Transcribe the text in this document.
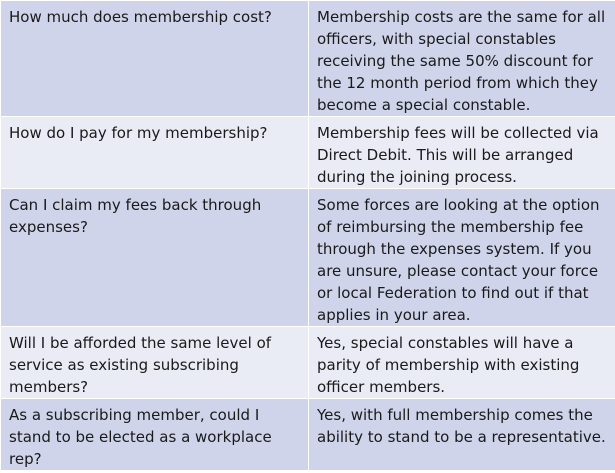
How much does membership cost?	Membership costs are the same for all officers, with special constables receiving the same 50% discount for the 12 month period from which they become a special constable.
How do I pay for my membership?	Membership fees will be collected via Direct Debit. This will be arranged during the joining process.
Can I claim my fees back through expenses?	Some forces are looking at the option of reimbursing the membership fee through the expenses system. If you are unsure, please contact your force or local Federation to find out if that applies in your area.
Will I be afforded the same level of service as existing subscribing members?	Yes, special constables will have a parity of membership with existing officer members.
As a subscribing member, could I stand to be elected as a workplace rep?	Yes, with full membership comes the ability to stand to be a representative.
